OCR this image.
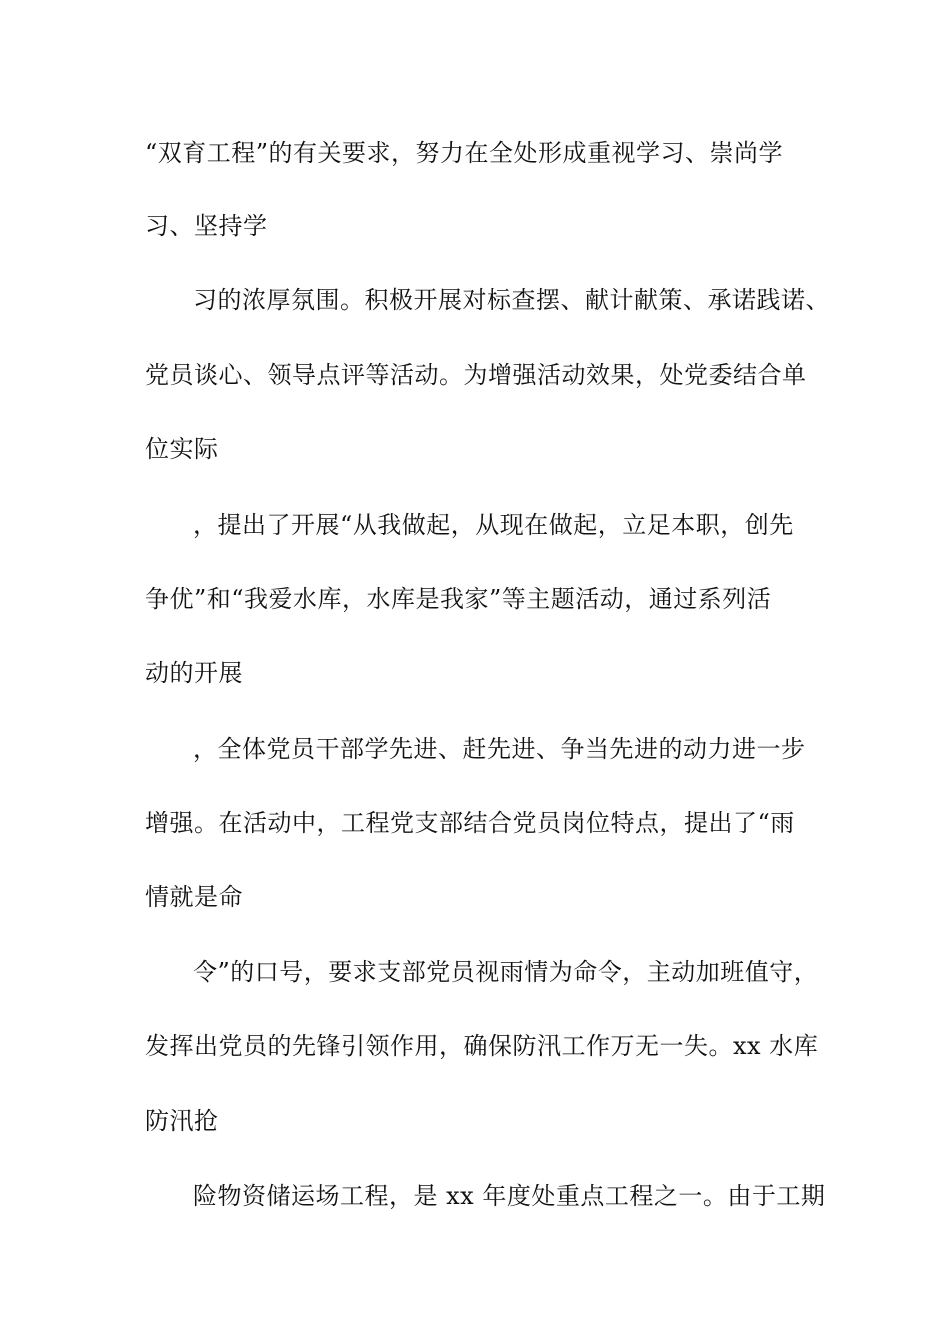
“双育工程”的有关要求，努力在全处形成重视学习、崇尚学
习、坚持学
习的浓厚氛围。积极开展对标查摆、献计献策、承诺践诺、
党员谈心、领导点评等活动。为增强活动效果，处党委结合单
位实际
，提出了开展“从我做起，从现在做起，立足本职，创先
争优”和“我爱水库，水库是我家”等主题活动，通过系列活
动的开展
，全体党员干部学先进、赶先进、争当先进的动力进一步
增强。在活动中，工程党支部结合党员岗位特点，提出了“雨
情就是命
令”的口号，要求支部党员视雨情为命令，主动加班值守，
发挥出党员的先锋引领作用，确保防汛工作万无一失。xx 水库
防汛抢
险物资储运场工程，是 xx 年度处重点工程之一。由于工期
